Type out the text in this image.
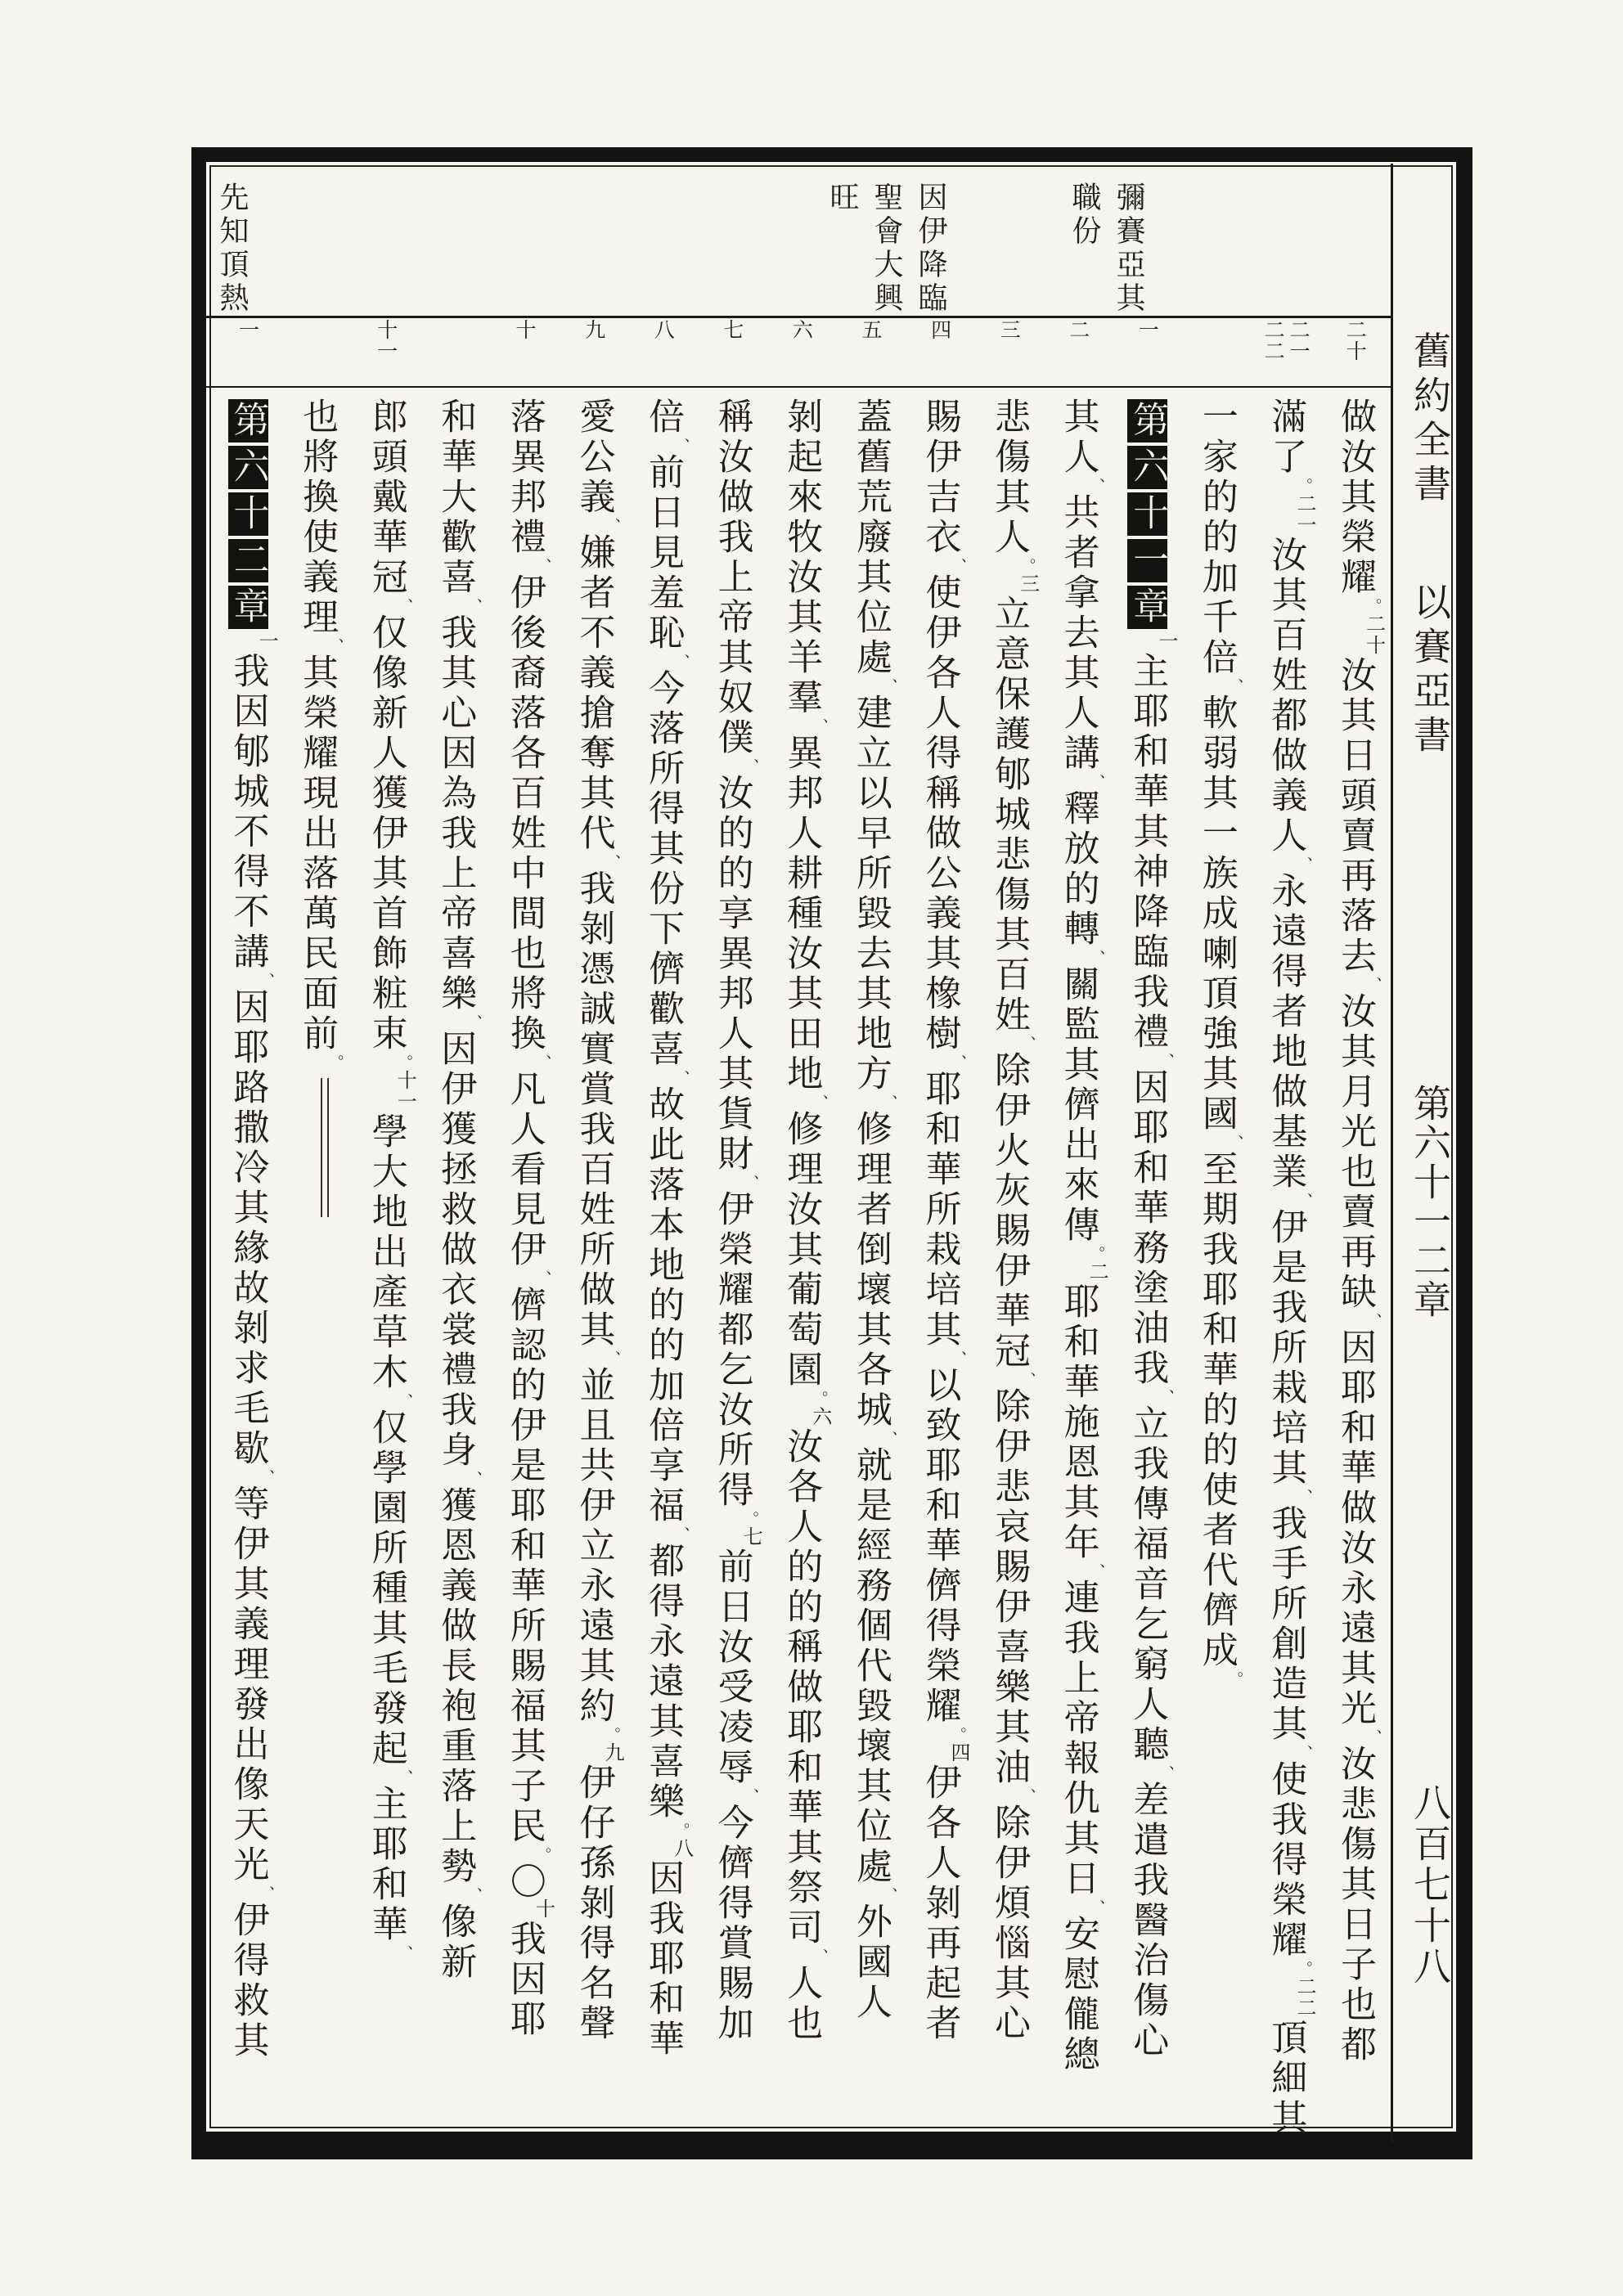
舊約全書
以賽亞書
第六十一二章
八百七十八
彌賽亞其
職份
因伊降臨
聖會大興
旺
先知頂熱
二十
二一
二二
一
二
三
四
五
六
七
八
九
十
十一
一
做汝其榮耀。二十汝其日頭賣再落去、汝其月光也賣再缺、因耶和華做汝永遠其光、汝悲傷其日子也都
滿了。二一汝其百姓都做義人、永遠得者地做基業、伊是我所栽培其、我手所創造其、使我得榮耀。二二頂細其
一家的的加千倍、軟弱其一族成喇頂強其國、至期我耶和華的的使者代儕成。
第六十一章一主耶和華其神降臨我禮、因耶和華務塗油我、立我傳福音乞窮人聽、差遣我醫治傷心
其人、共者拿去其人講、釋放的轉、關監其儕出來傳。二耶和華施恩其年、連我上帝報仇其日、安慰儱總
悲傷其人。三立意保護郇城悲傷其百姓、除伊火灰賜伊華冠、除伊悲哀賜伊喜樂其油、除伊煩惱其心
賜伊吉衣、使伊各人得稱做公義其橡樹、耶和華所栽培其、以致耶和華儕得榮耀。四伊各人剝再起者
蓋舊荒廢其位處、建立以早所毀去其地方、修理者倒壞其各城、就是經務個代毀壞其位處、外國人
剝起來牧汝其羊羣、異邦人耕種汝其田地、修理汝其葡萄園。六汝各人的的稱做耶和華其祭司、人也
稱汝做我上帝其奴僕、汝的的享異邦人其貨財、伊榮耀都乞汝所得。七前日汝受凌辱、今儕得賞賜加
倍、前日見羞恥、今落所得其份下儕歡喜、故此落本地的的加倍享福、都得永遠其喜樂。八因我耶和華
愛公義、嫌者不義搶奪其代、我剝憑誠實賞我百姓所做其、並且共伊立永遠其約。九伊仔孫剝得名聲
落異邦禮、伊後裔落各百姓中間也將換、凡人看見伊、儕認的伊是耶和華所賜福其子民。〇十我因耶
和華大歡喜、我其心因為我上帝喜樂、因伊獲拯救做衣裳禮我身、獲恩義做長袍重落上勢、像新
郎頭戴華冠、仅像新人獲伊其首飾粧束。十一學大地出產草木、仅學園所種其毛發起、主耶和華、
也將換使義理、其榮耀現出落萬民面前。
第六十二章一我因郇城不得不講、因耶路撒冷其緣故剝求毛歇、等伊其義理發出像天光、伊得救其
